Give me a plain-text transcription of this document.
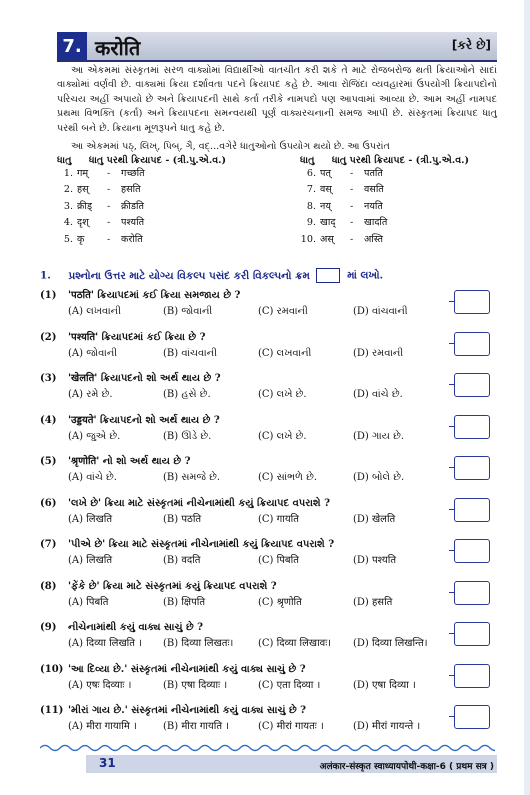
7. करोति	[કરે છે]

આ એકમમાં સંસ્કૃતમાં સરળ વાક્યોમાં વિદ્યાર્થીઓ વાતચીત કરી શકે તે માટે રોજબરોજ થતી ક્રિયાઓને સાદાં વાક્યોમાં વર્ણવી છે. વાક્યમાં ક્રિયા દર્શાવતા પદને ક્રિયાપદ કહે છે. આવા રોજિંદા વ્યવહારમાં ઉપયોગી ક્રિયાપદોનો પરિચય અહીં અપાયો છે અને ક્રિયાપદની સાથે કર્તા તરીકે નામપદો પણ આપવામાં આવ્યા છે. આમ અહીં નામપદ પ્રથમા વિભક્તિ (કર્તા) અને ક્રિયાપદના સમન્વયથી પૂર્ણ વાક્યરચનાની સમજ આપી છે. સંસ્કૃતમાં ક્રિયાપદ ધાતુ પરથી બને છે. ક્રિયાના મૂળરૂપને ધાતુ કહે છે.

આ એકમમાં પઠ્, લિખ્, પિબ્, ગૈ, વદ્...વગેરે ધાતુઓનો ઉપયોગ થયો છે. આ ઉપરાંત
ધાતુ ધાતુ પરથી ક્રિયાપદ - (ત્રી.પુ.એ.વ.)
1. गम् - गच्छति
2. हस् - हसति
3. क्रीड् - क्रीडति
4. दृश् - पश्यति
5. कृ - करोति
ધાતુ ધાતુ પરથી ક્રિયાપદ - (ત્રી.પુ.એ.વ.)
6. पत् - पतति
7. वस् - वसति
8. नय् - नयति
9. खाद् - खादति
10. अस् - अस्ति
1. પ્રશ્નોના ઉત્તર માટે યોગ્ય વિકલ્પ પસંદ કરી વિકલ્પનો ક્રમ	માં લખો.
(1) 'पठति' ક્રિયાપદમાં કઈ ક્રિયા સમજાય છે ?
(A) લખવાની	(B) જોવાની	(C) રમવાની	(D) વાંચવાની
(2) 'पश्यति' ક્રિયાપદમાં કઈ ક્રિયા છે ?
(A) જોવાની	(B) વાંચવાની	(C) લખવાની	(D) રમવાની
(3) 'खेलति' ક્રિયાપદનો શો અર્થ થાય છે ?
(A) રમે છે.	(B) હસે છે.	(C) લખે છે.	(D) વાંચે છે.
(4) 'उड्डयते' ક્રિયાપદનો શો અર્થ થાય છે ?
(A) જુએ છે.	(B) ઊડે છે.	(C) લખે છે.	(D) ગાય છે.
(5) 'श्रृणोति' નો શો અર્થ થાય છે ?
(A) વાંચે છે.	(B) સમજે છે.	(C) સાંભળે છે.	(D) બોલે છે.
(6) 'લખે છે' ક્રિયા માટે સંસ્કૃતમાં નીચેનામાંથી કયું ક્રિયાપદ વપરાશે ?
(A) लिखति	(B) पठति	(C) गायति	(D) खेलति
(7) 'પીએ છે' ક્રિયા માટે સંસ્કૃતમાં નીચેનામાંથી કયું ક્રિયાપદ વપરાશે ?
(A) लिखति	(B) वदति	(C) पिबति	(D) पश्यति
(8) 'ફેંકે છે' ક્રિયા માટે સંસ્કૃતમાં કયું ક્રિયાપદ વપરાશે ?
(A) पिबति	(B) क्षिपति	(C) श्रृणोति	(D) हसति
(9) નીચેનામાંથી કયું વાક્ય સાચું છે ?
(A) दिव्या लिखति । (B) दिव्या लिखतः। (C) दिव्या लिखावः। (D) दिव्या लिखन्ति।
(10) 'આ દિવ્યા છે.' સંસ્કૃતમાં નીચેનામાંથી કયું વાક્ય સાચું છે ?
(A) एषः दिव्याः ।	(B) एषा दिव्याः ।	(C) एता दिव्या ।	(D) एषा दिव्या ।
(11) 'મીરાં ગાય છે.' સંસ્કૃતમાં નીચેનામાંથી કયું વાક્ય સાચું છે ?
(A) मीरा गायामि ।	(B) मीरा गायति ।	(C) मीरां गायतः ।	(D) मीरां गायन्ते ।
31	अलंकार-संस्कृत स्वाध्यायपोथी-कक्षा-6 ( प्रथम सत्र )
